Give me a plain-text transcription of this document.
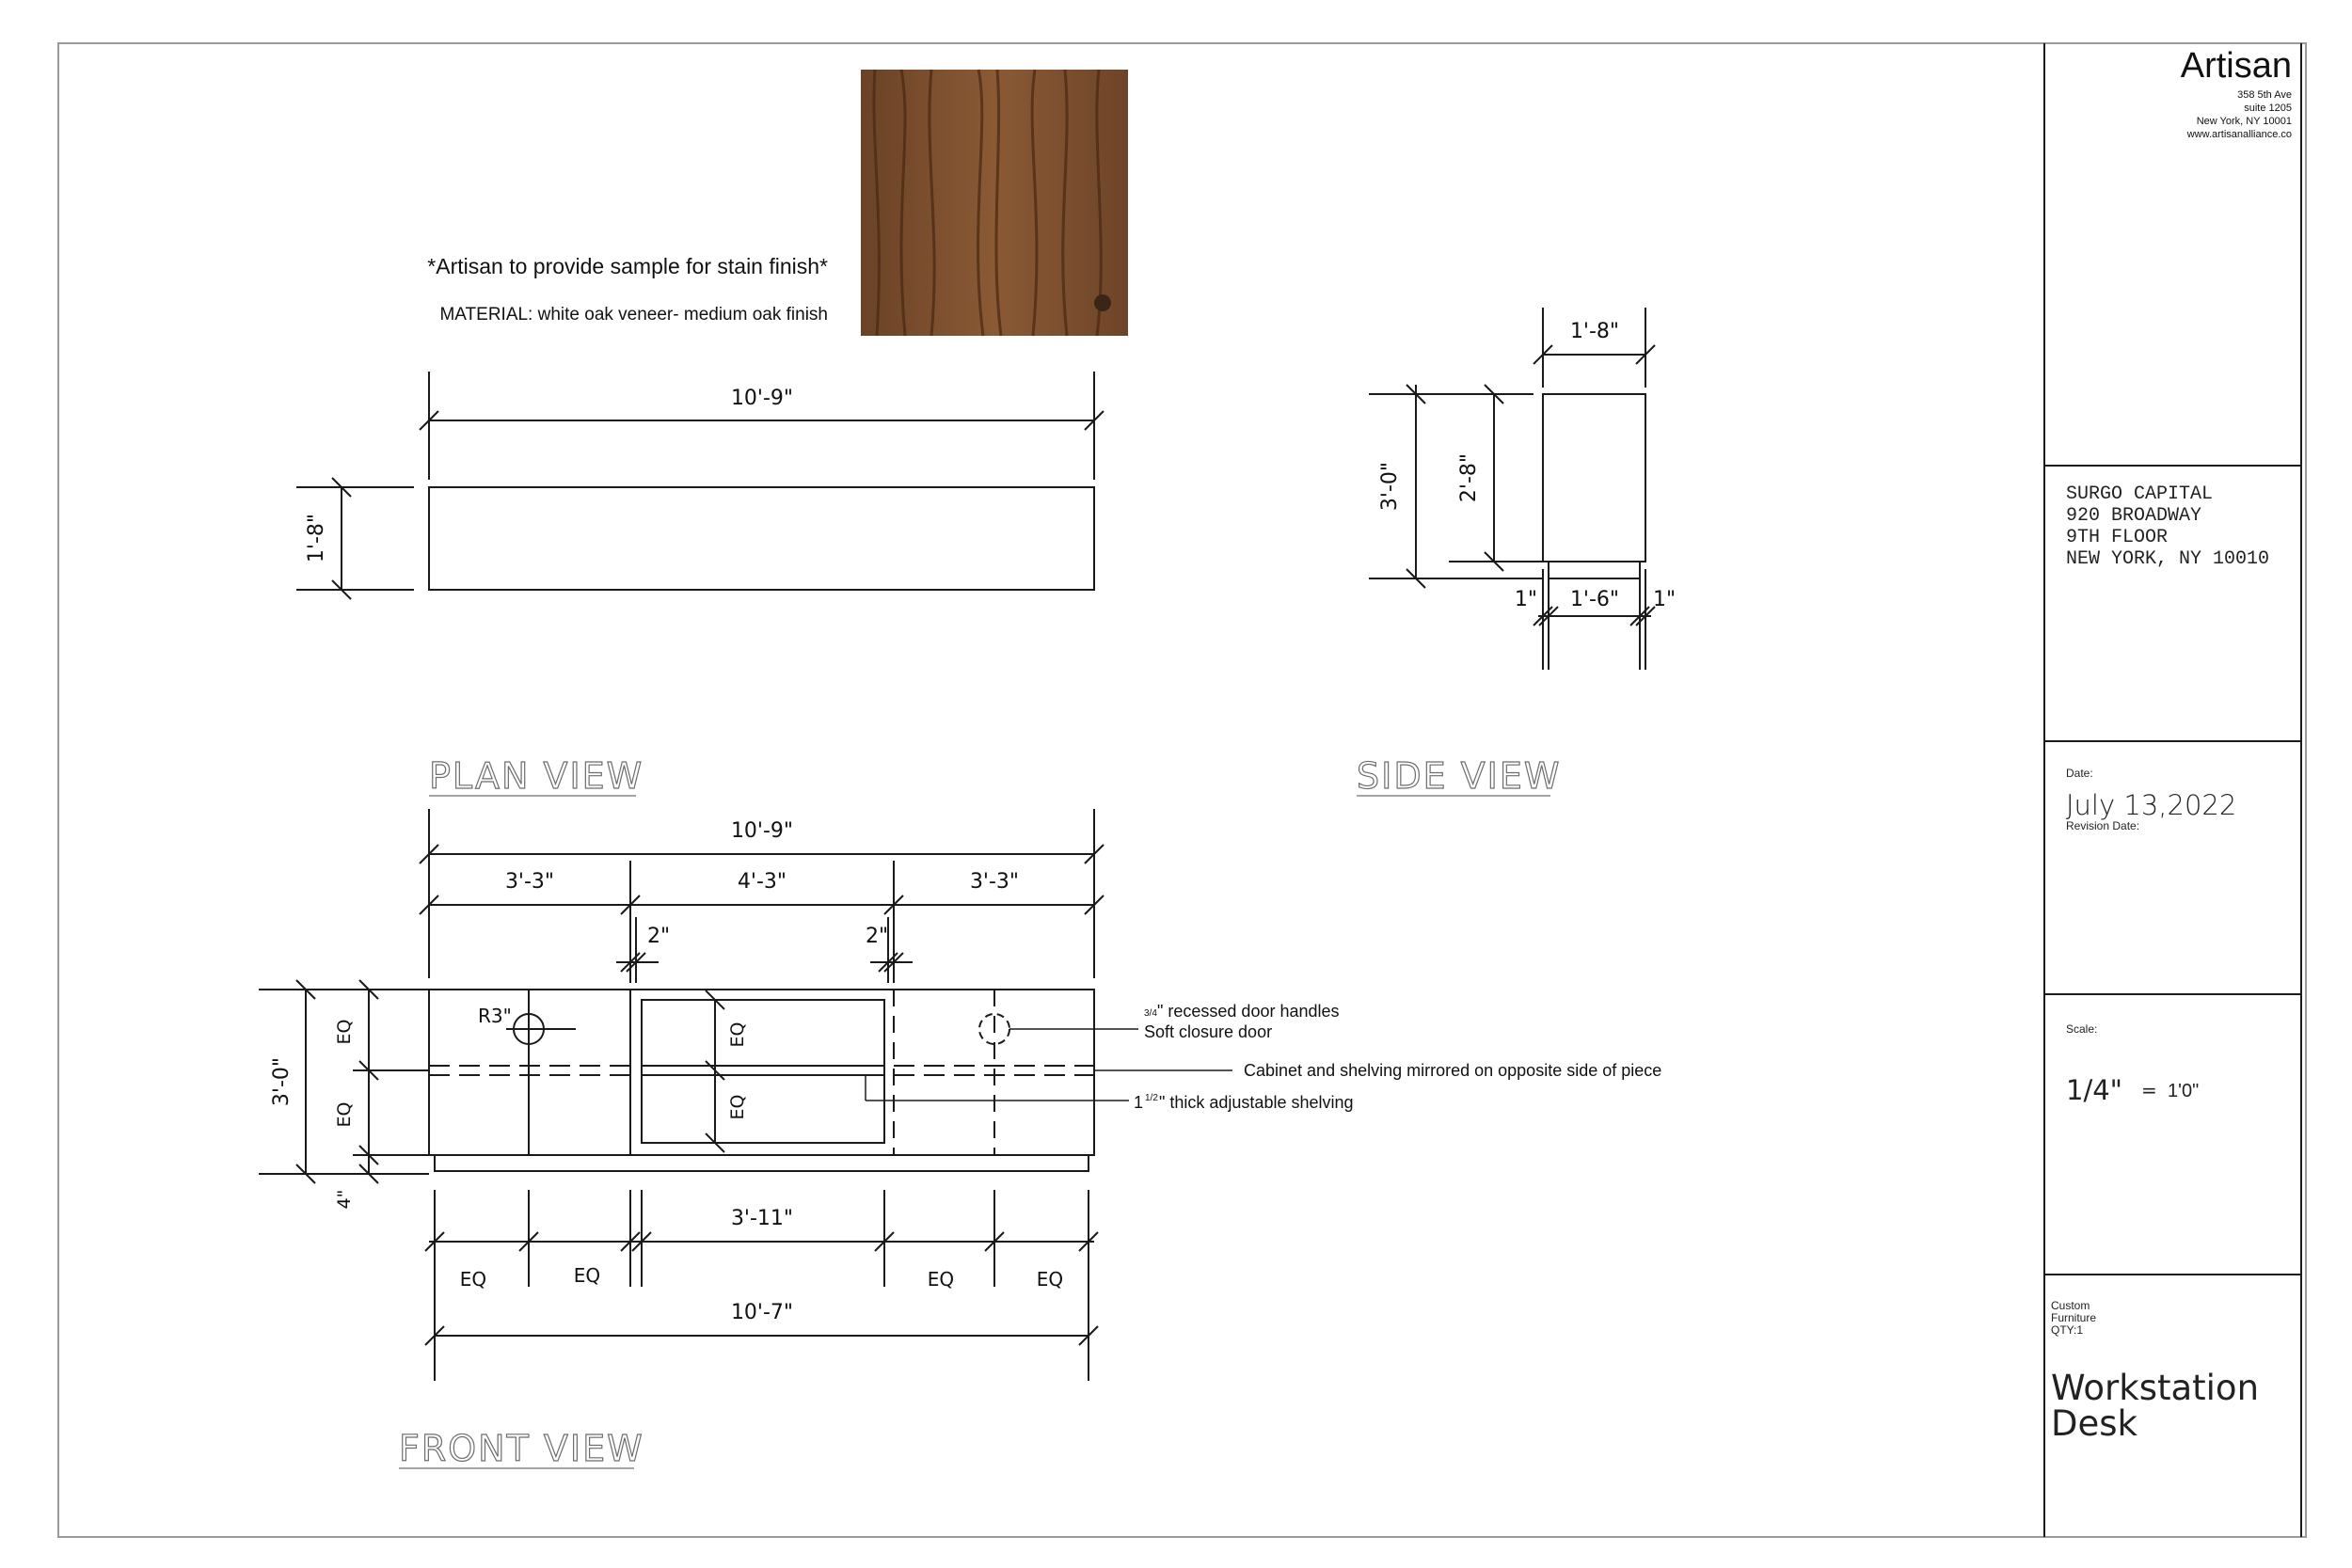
Artisan
358 5th Ave
suite 1205
New York, NY 10001
www.artisanalliance.co
SURGO CAPITAL
920 BROADWAY
9TH FLOOR
NEW YORK, NY 10010
Date:
July 13,2022
Revision Date:
Scale:
1/4" = 1'0"
Custom
Furniture
QTY:1
Workstation
Desk
*Artisan to provide sample for stain finish*
MATERIAL: white oak veneer- medium oak finish
10'-9"
1'-8"
PLAN VIEW
1'-8"
3'-0"	2'-8"
1" 1'-6" 1"
SIDE VIEW
10'-9"
3'-3"	4'-3"	3'-3"
2"	2"
3'-0"
4"
EQ
EQ
EQ
EQ
R3"
EQ	EQ	EQ	EQ
3'-11"
10'-7"
3/4 " recessed door handles
Soft closure door
Cabinet and shelving mirrored on opposite side of piece
1 1/2 " thick adjustable shelving
FRONT VIEW
